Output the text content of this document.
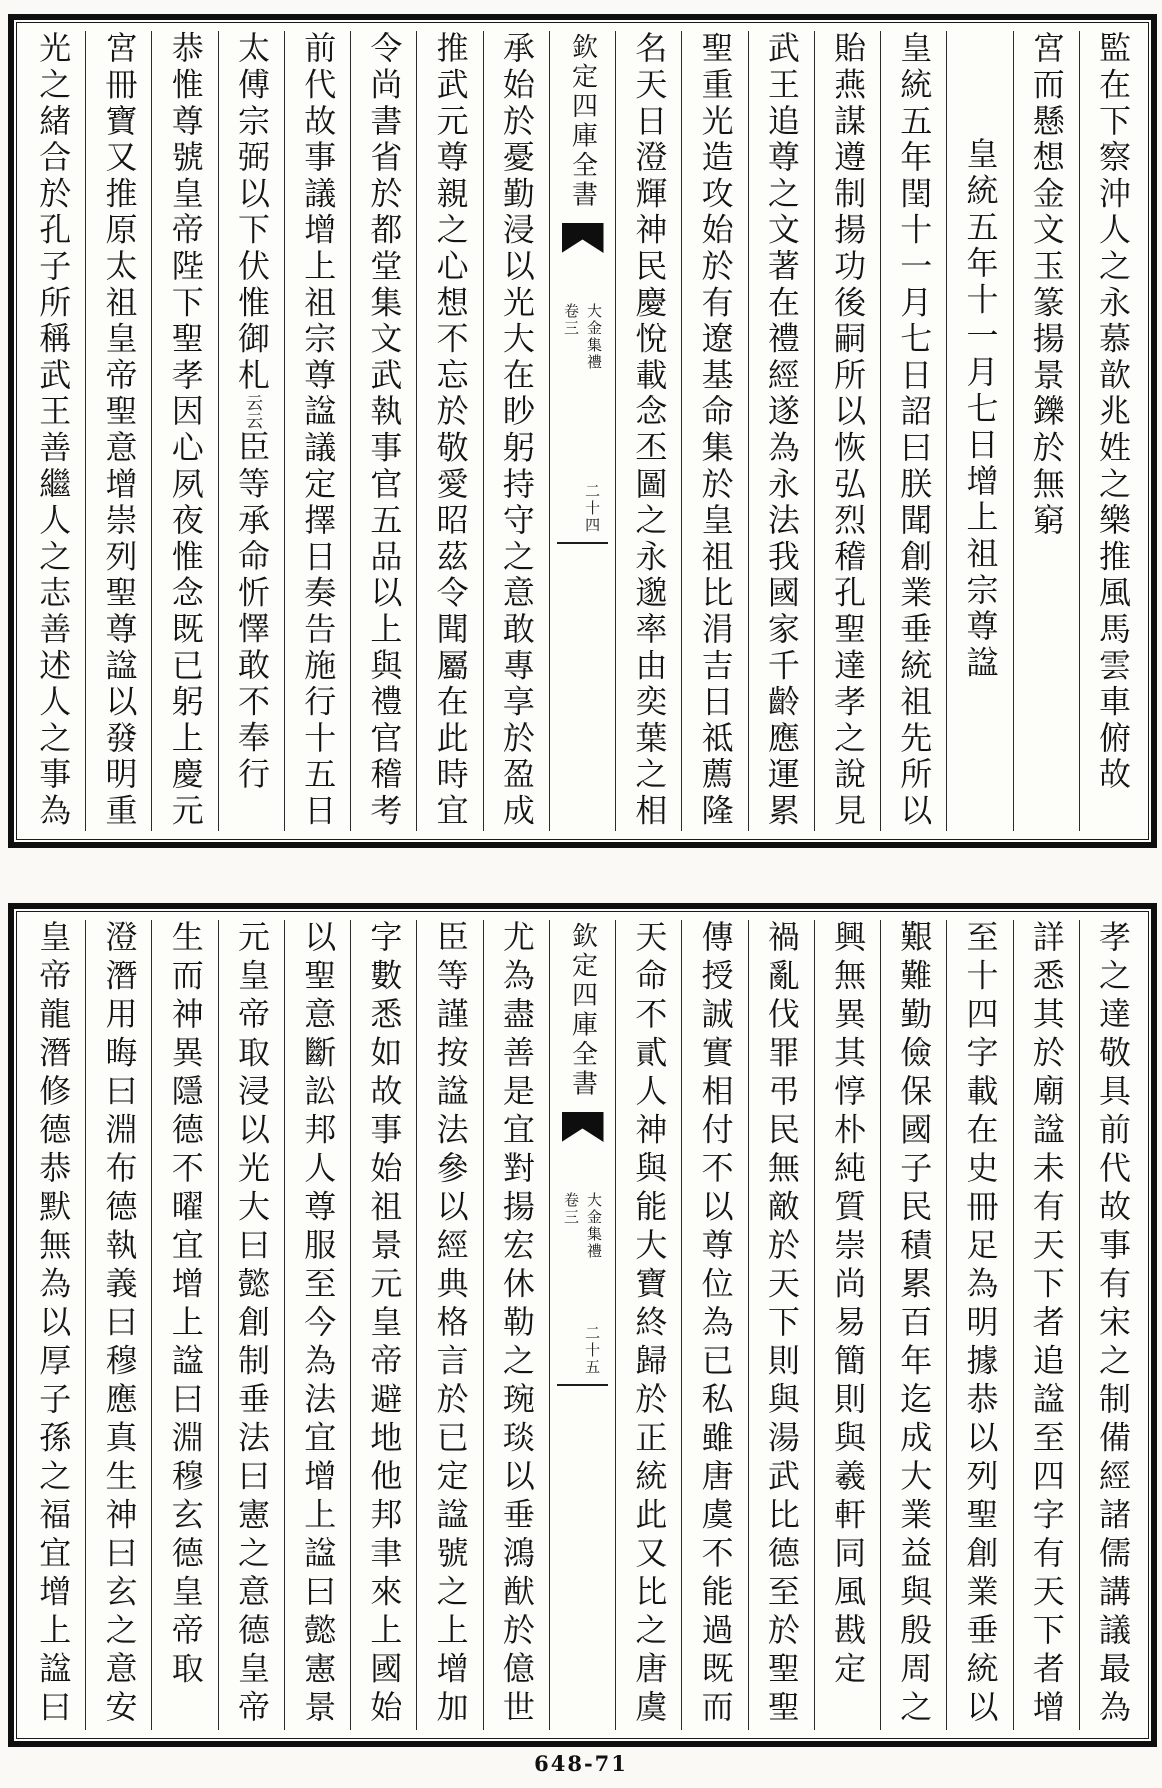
監在下察沖人之永慕歆兆姓之樂推風馬雲車俯故
宮而懸想金文玉篆揚景鑠於無窮
皇統五年十一月七日增上祖宗尊諡
皇統五年閏十一月七日詔曰朕聞創業垂統祖先所以
貽燕謀遵制揚功後嗣所以恢弘烈稽孔聖達孝之說見
武王追尊之文著在禮經遂為永法我國家千齡應運累
聖重光造攻始於有遼基命集於皇祖比涓吉日祗薦隆
名天日澄輝神民慶悅載念丕圖之永邈率由奕葉之相
欽定四庫全書
大金集禮
卷三
二十四
承始於憂勤浸以光大在眇躬持守之意敢專享於盈成
推武元尊親之心想不忘於敬愛昭茲令聞屬在此時宜
令尚書省於都堂集文武執事官五品以上與禮官稽考
前代故事議增上祖宗尊諡議定擇日奏告施行十五日
太傅宗弼以下伏惟御札云云臣等承命忻懌敢不奉行
恭惟尊號皇帝陛下聖孝因心夙夜惟念既已躬上慶元
宮冊寶又推原太祖皇帝聖意增崇列聖尊諡以發明重
光之緒合於孔子所稱武王善繼人之志善述人之事為
孝之達敬具前代故事有宋之制備經諸儒講議最為
詳悉其於廟諡未有天下者追諡至四字有天下者增
至十四字載在史冊足為明據恭以列聖創業垂統以
艱難勤儉保國子民積累百年迄成大業益與殷周之
興無異其惇朴純質崇尚易簡則與羲軒同風戡定
禍亂伐罪弔民無敵於天下則與湯武比德至於聖聖
傳授誠實相付不以尊位為已私雖唐虞不能過既而
天命不貳人神與能大寶終歸於正統此又比之唐虞
欽定四庫全書
大金集禮
卷三
二十五
尤為盡善是宜對揚宏休勒之琬琰以垂鴻猷於億世
臣等謹按諡法參以經典格言於已定諡號之上增加
字數悉如故事始祖景元皇帝避地他邦聿來上國始
以聖意斷訟邦人尊服至今為法宜增上諡曰懿憲景
元皇帝取浸以光大曰懿創制垂法曰憲之意德皇帝
生而神異隱德不曜宜增上諡曰淵穆玄德皇帝取
澄潛用晦曰淵布德執義曰穆應真生神曰玄之意安
皇帝龍潛修德恭默無為以厚子孫之福宜增上諡曰
648-71
